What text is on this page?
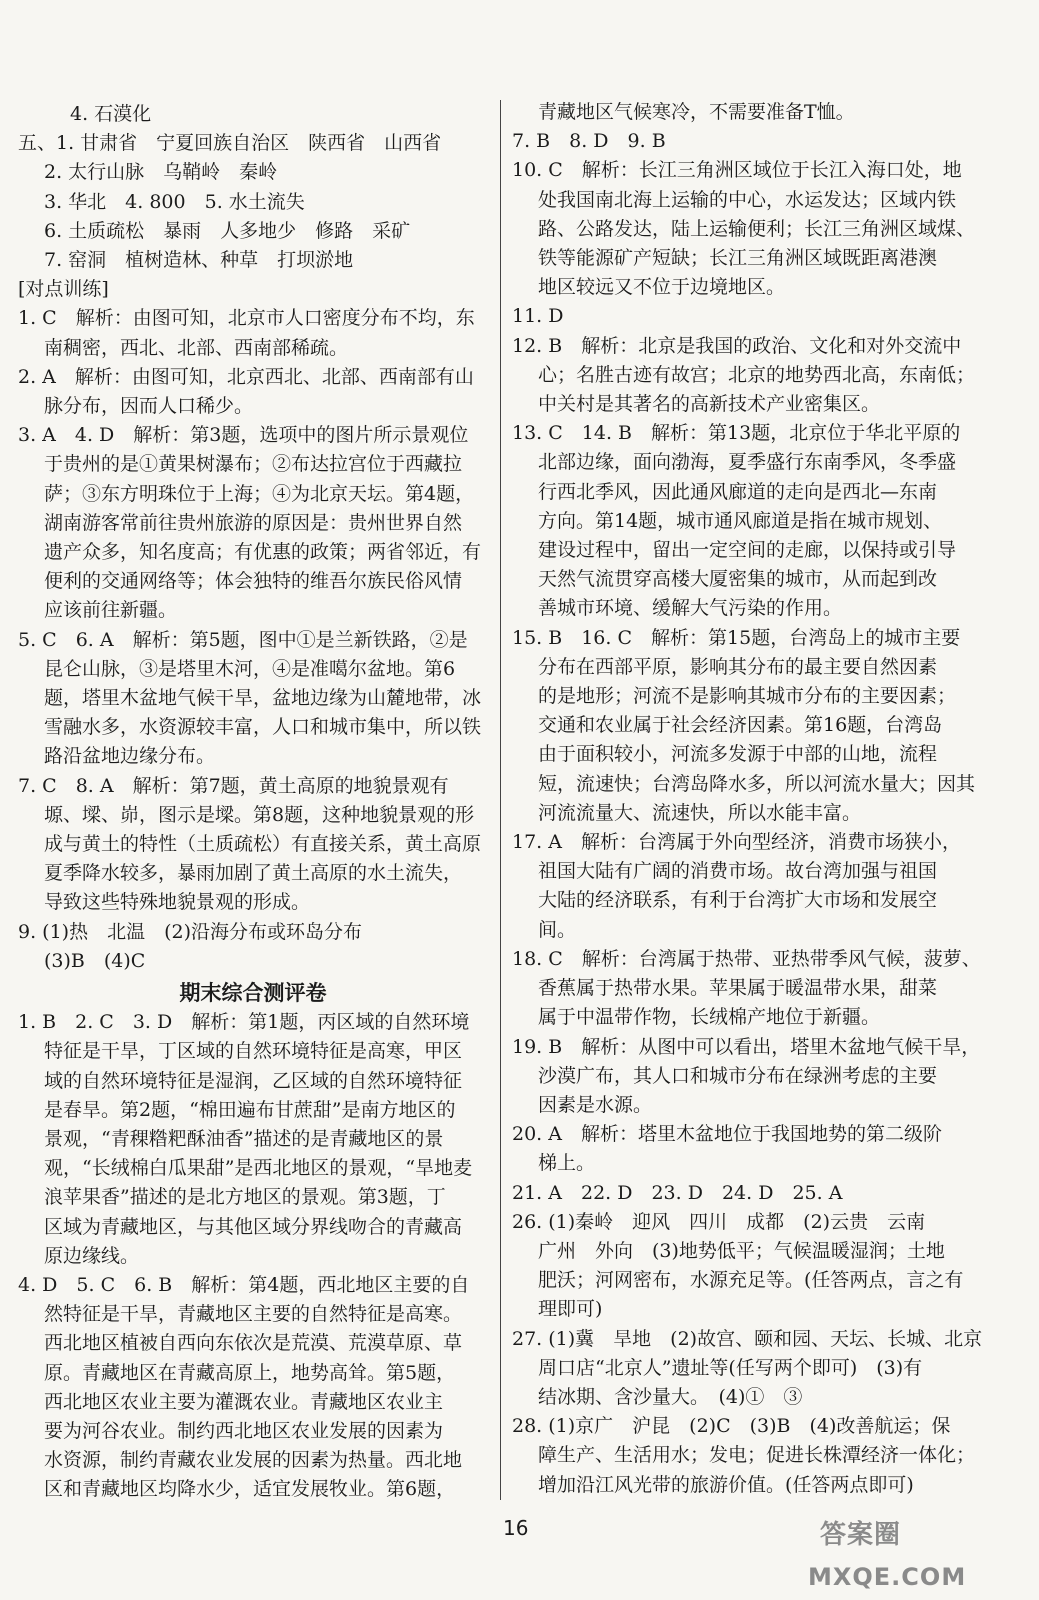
4. 石漠化
五、1. 甘肃省　宁夏回族自治区　陕西省　山西省
2. 太行山脉　乌鞘岭　秦岭
3. 华北　4. 800　5. 水土流失
6. 土质疏松　暴雨　人多地少　修路　采矿
7. 窑洞　植树造林、种草　打坝淤地
[对点训练]
1. C　解析：由图可知，北京市人口密度分布不均，东
南稠密，西北、北部、西南部稀疏。
2. A　解析：由图可知，北京西北、北部、西南部有山
脉分布，因而人口稀少。
3. A　4. D　解析：第3题，选项中的图片所示景观位
于贵州的是①黄果树瀑布；②布达拉宫位于西藏拉
萨；③东方明珠位于上海；④为北京天坛。第4题，
湖南游客常前往贵州旅游的原因是：贵州世界自然
遗产众多，知名度高；有优惠的政策；两省邻近，有
便利的交通网络等；体会独特的维吾尔族民俗风情
应该前往新疆。
5. C　6. A　解析：第5题，图中①是兰新铁路，②是
昆仑山脉，③是塔里木河，④是准噶尔盆地。第6
题，塔里木盆地气候干旱，盆地边缘为山麓地带，冰
雪融水多，水资源较丰富，人口和城市集中，所以铁
路沿盆地边缘分布。
7. C　8. A　解析：第7题，黄土高原的地貌景观有
塬、墚、峁，图示是墚。第8题，这种地貌景观的形
成与黄土的特性（土质疏松）有直接关系，黄土高原
夏季降水较多，暴雨加剧了黄土高原的水土流失，
导致这些特殊地貌景观的形成。
9. (1)热　北温　(2)沿海分布或环岛分布
(3)B　(4)C
期末综合测评卷
1. B　2. C　3. D　解析：第1题，丙区域的自然环境
特征是干旱，丁区域的自然环境特征是高寒，甲区
域的自然环境特征是湿润，乙区域的自然环境特征
是春旱。第2题，“棉田遍布甘蔗甜”是南方地区的
景观，“青稞糌粑酥油香”描述的是青藏地区的景
观，“长绒棉白瓜果甜”是西北地区的景观，“旱地麦
浪苹果香”描述的是北方地区的景观。第3题，丁
区域为青藏地区，与其他区域分界线吻合的青藏高
原边缘线。
4. D　5. C　6. B　解析：第4题，西北地区主要的自
然特征是干旱，青藏地区主要的自然特征是高寒。
西北地区植被自西向东依次是荒漠、荒漠草原、草
原。青藏地区在青藏高原上，地势高耸。第5题，
西北地区农业主要为灌溉农业。青藏地区农业主
要为河谷农业。制约西北地区农业发展的因素为
水资源，制约青藏农业发展的因素为热量。西北地
区和青藏地区均降水少，适宜发展牧业。第6题，
青藏地区气候寒冷，不需要准备T恤。
7. B　8. D　9. B
10. C　解析：长江三角洲区域位于长江入海口处，地
处我国南北海上运输的中心，水运发达；区域内铁
路、公路发达，陆上运输便利；长江三角洲区域煤、
铁等能源矿产短缺；长江三角洲区域既距离港澳
地区较远又不位于边境地区。
11. D
12. B　解析：北京是我国的政治、文化和对外交流中
心；名胜古迹有故宫；北京的地势西北高，东南低；
中关村是其著名的高新技术产业密集区。
13. C　14. B　解析：第13题，北京位于华北平原的
北部边缘，面向渤海，夏季盛行东南季风，冬季盛
行西北季风，因此通风廊道的走向是西北—东南
方向。第14题，城市通风廊道是指在城市规划、
建设过程中，留出一定空间的走廊，以保持或引导
天然气流贯穿高楼大厦密集的城市，从而起到改
善城市环境、缓解大气污染的作用。
15. B　16. C　解析：第15题，台湾岛上的城市主要
分布在西部平原，影响其分布的最主要自然因素
的是地形；河流不是影响其城市分布的主要因素；
交通和农业属于社会经济因素。第16题，台湾岛
由于面积较小，河流多发源于中部的山地，流程
短，流速快；台湾岛降水多，所以河流水量大；因其
河流流量大、流速快，所以水能丰富。
17. A　解析：台湾属于外向型经济，消费市场狭小，
祖国大陆有广阔的消费市场。故台湾加强与祖国
大陆的经济联系，有利于台湾扩大市场和发展空
间。
18. C　解析：台湾属于热带、亚热带季风气候，菠萝、
香蕉属于热带水果。苹果属于暖温带水果，甜菜
属于中温带作物，长绒棉产地位于新疆。
19. B　解析：从图中可以看出，塔里木盆地气候干旱，
沙漠广布，其人口和城市分布在绿洲考虑的主要
因素是水源。
20. A　解析：塔里木盆地位于我国地势的第二级阶
梯上。
21. A　22. D　23. D　24. D　25. A
26. (1)秦岭　迎风　四川　成都　(2)云贵　云南
广州　外向　(3)地势低平；气候温暖湿润；土地
肥沃；河网密布，水源充足等。(任答两点，言之有
理即可)
27. (1)冀　旱地　(2)故宫、颐和园、天坛、长城、北京
周口店“北京人”遗址等(任写两个即可)　(3)有
结冰期、含沙量大。　(4)①　③
28. (1)京广　沪昆　(2)C　(3)B　(4)改善航运；保
障生产、生活用水；发电；促进长株潭经济一体化；
增加沿江风光带的旅游价值。(任答两点即可)
16	答案圈
MXQE.COM
